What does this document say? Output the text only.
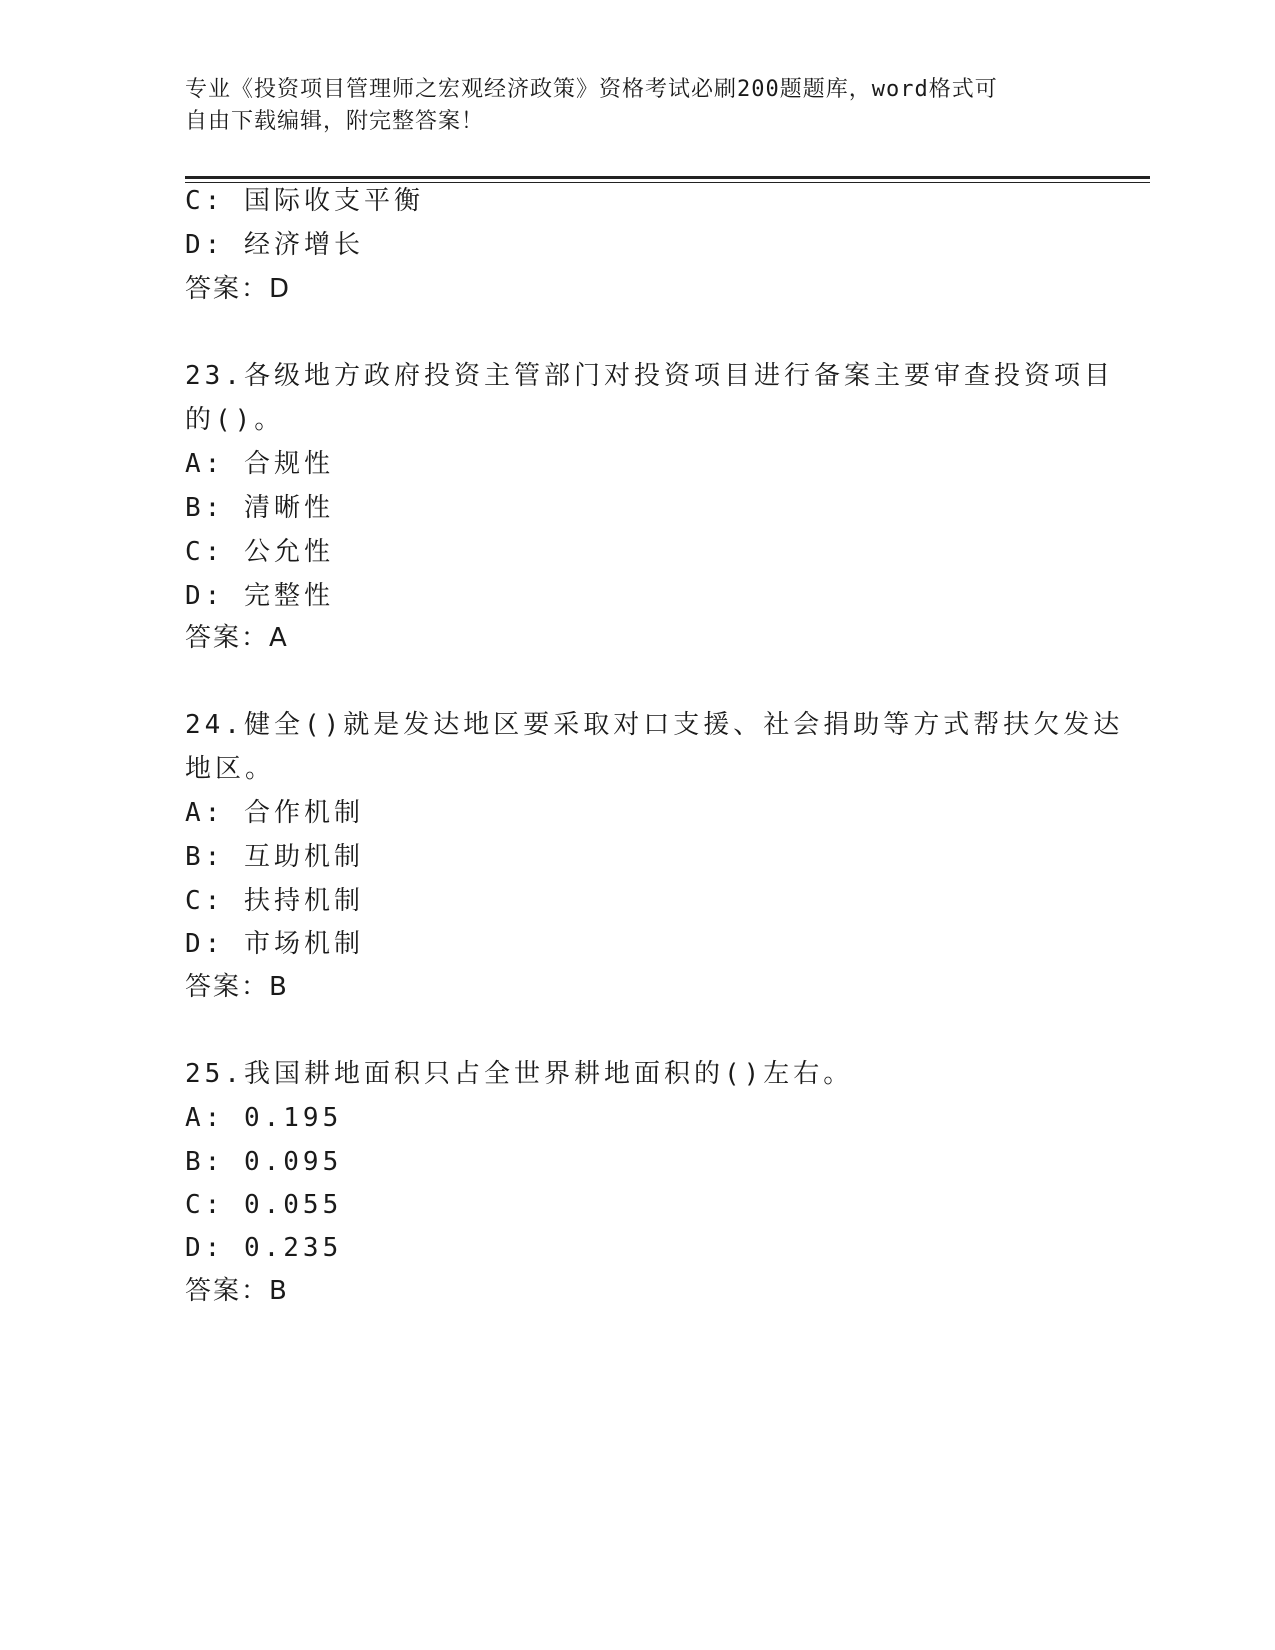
专业《投资项目管理师之宏观经济政策》资格考试必刷200题题库，word格式可
自由下载编辑，附完整答案！
C: 国际收支平衡
D: 经济增长
答案：D
23.各级地方政府投资主管部门对投资项目进行备案主要审查投资项目
的()。
A: 合规性
B: 清晰性
C: 公允性
D: 完整性
答案：A
24.健全()就是发达地区要采取对口支援、社会捐助等方式帮扶欠发达
地区。
A: 合作机制
B: 互助机制
C: 扶持机制
D: 市场机制
答案：B
25.我国耕地面积只占全世界耕地面积的()左右。
A: 0.195
B: 0.095
C: 0.055
D: 0.235
答案：B
